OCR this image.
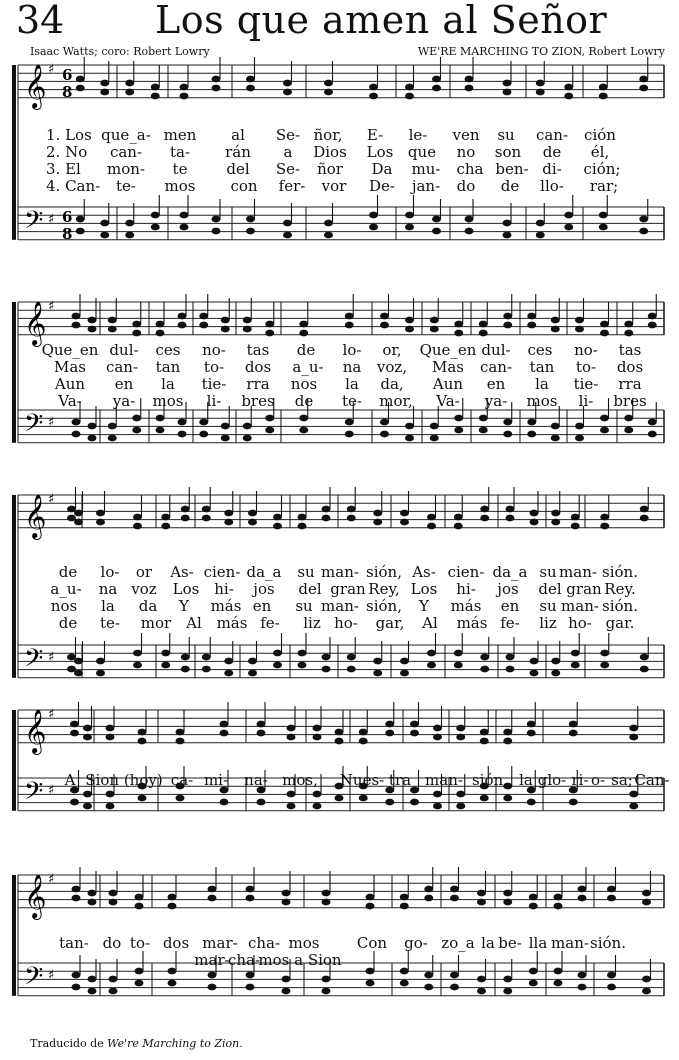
34 Los que amen al Señor
Isaac Watts; coro: Robert Lowry	WE'RE MARCHING TO ZION, Robert Lowry
𝄞 ♯ 6
8
𝄢 ♯ 6
8
𝄞 ♯
𝄢 ♯
𝄞 ♯
𝄢 ♯
𝄞 ♯
𝄢 ♯
𝄞 ♯
𝄢 ♯
1. Los que_a- men al Se- ñor, E- le- ven su can- ción
2. No can- ta- rán a Dios Los que no son de él,
3. El mon- te	del Se- ñor Da mu- cha ben- di- ción;
4. Can- te- mos con fer- vor De- jan- do de llo- rar;
Que_en dul- ces no- tas de lo- or, Que_en dul- ces no- tas
Mas can- tan to- dos a_u- na voz, Mas can- tan to- dos
Aun en la tie- rra nos la da, Aun en la tie- rra
Va- ya- mos li- bres de te- mor, Va- ya- mos li- bres
de lo- or As- cien- da_a su man- sión, As- cien- da_a su man- sión.
a_u- na voz Los hi- jos del gran Rey, Los hi- jos del gran Rey.
nos la da Y más en su man- sión, Y más en su man- sión.
de te- mor Al más fe- liz ho- gar, Al más fe- liz ho- gar.
A Sion (hoy) ca- mi- na- mos, Nues- tra man- sión, la glo- ri- o- sa; Can-
tan- do to- dos mar- cha- mos Con go- zo_a la be- lla man- sión.
mar-
cha-
mos a Sion
Traducido de We're Marching to Zion.
